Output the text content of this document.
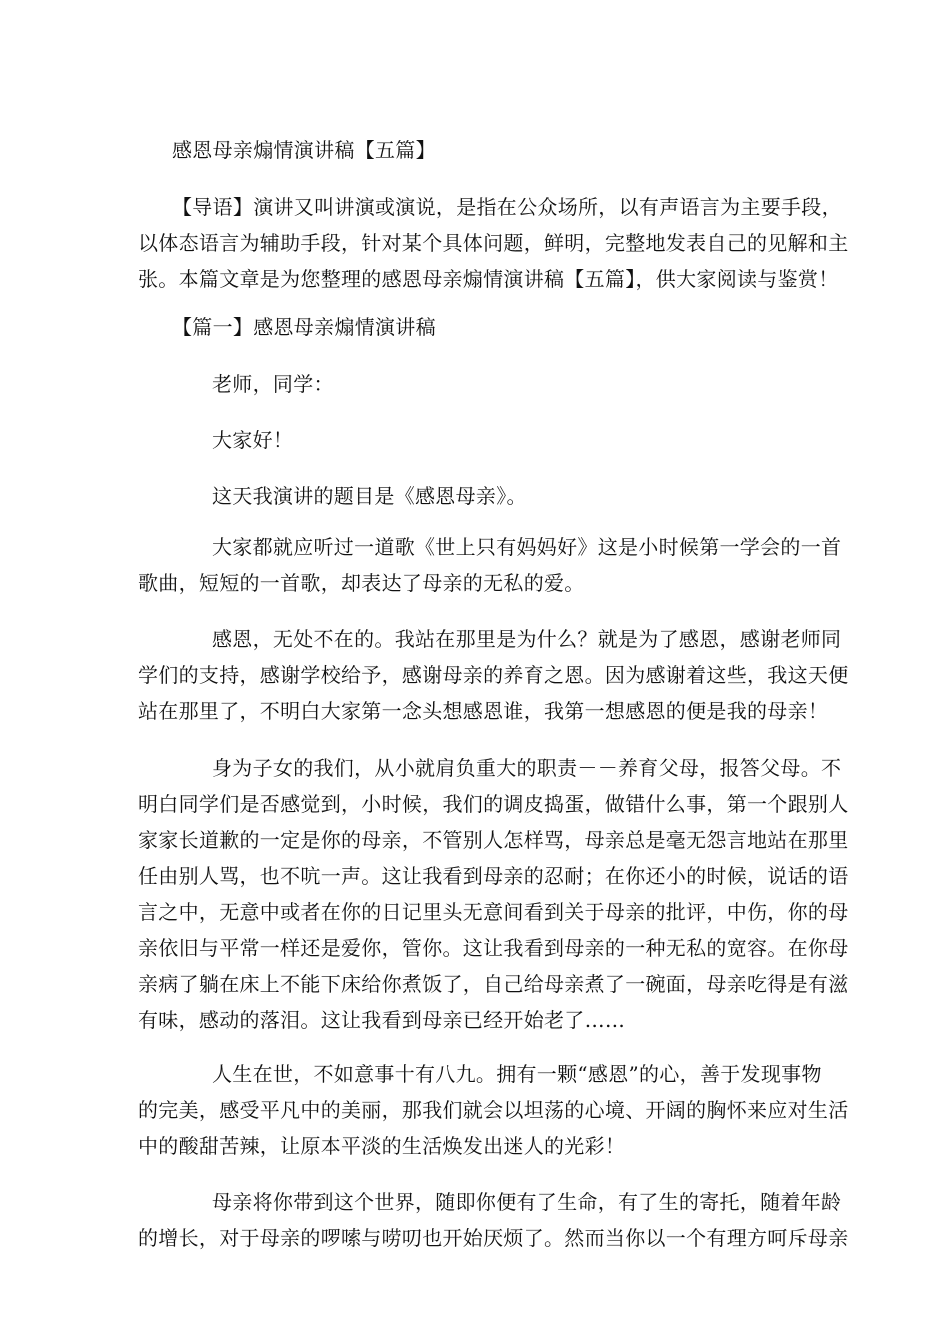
感恩母亲煽情演讲稿【五篇】
【导语】演讲又叫讲演或演说，是指在公众场所，以有声语言为主要手段，
以体态语言为辅助手段，针对某个具体问题，鲜明，完整地发表自己的见解和主
张。本篇文章是为您整理的感恩母亲煽情演讲稿【五篇】，供大家阅读与鉴赏！
【篇一】感恩母亲煽情演讲稿
老师，同学：
大家好！
这天我演讲的题目是《感恩母亲》。
大家都就应听过一道歌《世上只有妈妈好》这是小时候第一学会的一首
歌曲，短短的一首歌，却表达了母亲的无私的爱。
感恩，无处不在的。我站在那里是为什么？就是为了感恩，感谢老师同
学们的支持，感谢学校给予，感谢母亲的养育之恩。因为感谢着这些，我这天便
站在那里了，不明白大家第一念头想感恩谁，我第一想感恩的便是我的母亲！
身为子女的我们，从小就肩负重大的职责－－养育父母，报答父母。不
明白同学们是否感觉到，小时候，我们的调皮捣蛋，做错什么事，第一个跟别人
家家长道歉的一定是你的母亲，不管别人怎样骂，母亲总是毫无怨言地站在那里
任由别人骂，也不吭一声。这让我看到母亲的忍耐；在你还小的时候，说话的语
言之中，无意中或者在你的日记里头无意间看到关于母亲的批评，中伤，你的母
亲依旧与平常一样还是爱你，管你。这让我看到母亲的一种无私的宽容。在你母
亲病了躺在床上不能下床给你煮饭了，自己给母亲煮了一碗面，母亲吃得是有滋
有味，感动的落泪。这让我看到母亲已经开始老了……
人生在世，不如意事十有八九。拥有一颗“感恩”的心，善于发现事物
的完美，感受平凡中的美丽，那我们就会以坦荡的心境、开阔的胸怀来应对生活
中的酸甜苦辣，让原本平淡的生活焕发出迷人的光彩！
母亲将你带到这个世界，随即你便有了生命，有了生的寄托，随着年龄
的增长，对于母亲的啰嗦与唠叨也开始厌烦了。然而当你以一个有理方呵斥母亲
